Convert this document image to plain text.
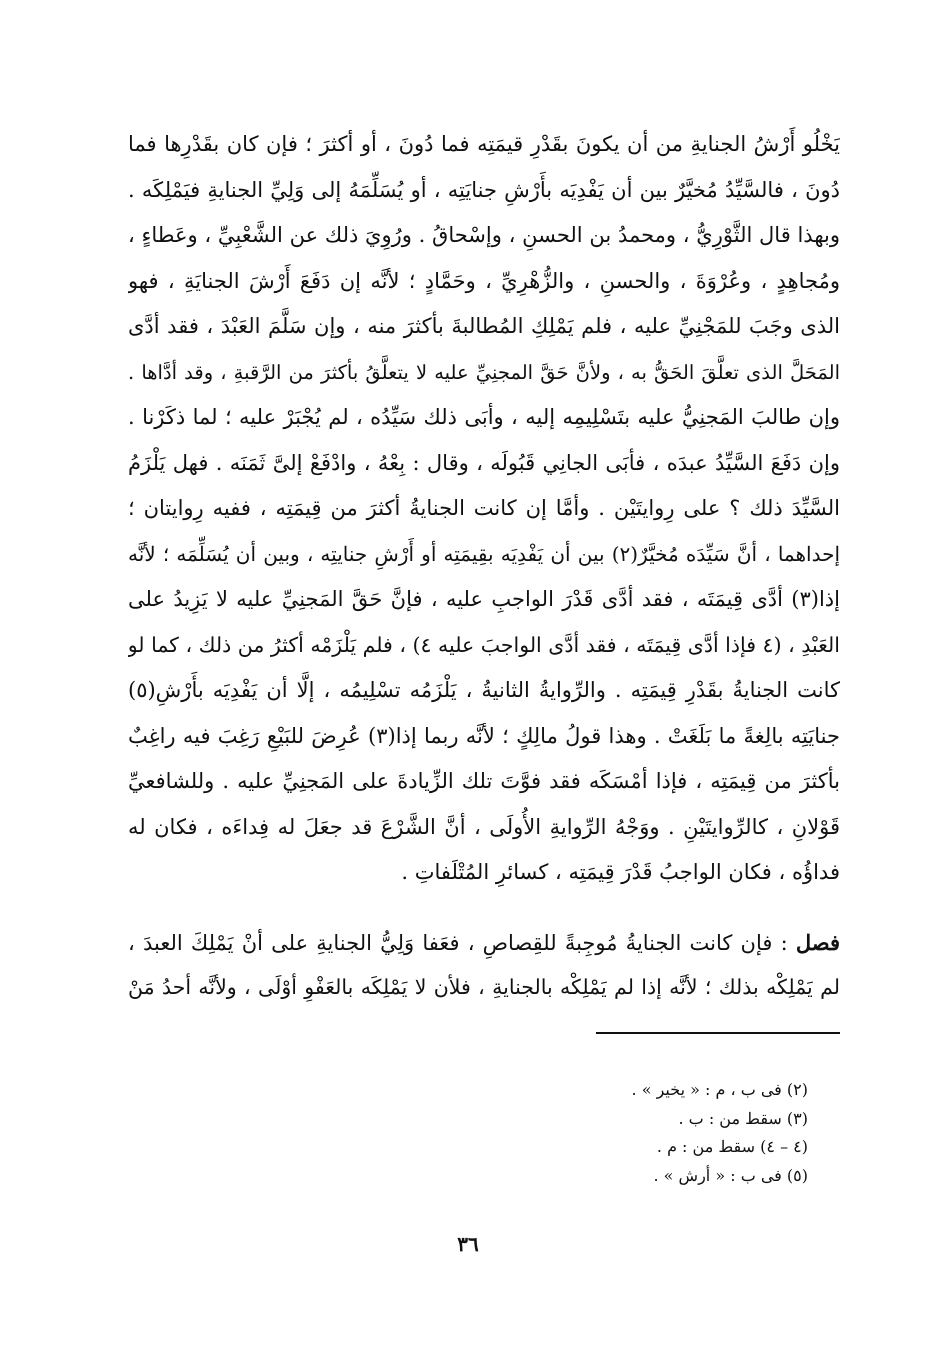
يَخْلُو أَرْشُ الجنايةِ من أن يكونَ بقَدْرِ قيمَتِه فما دُونَ ، أو أكثرَ ؛ فإن كان بقَدْرِها فما
دُونَ ، فالسَّيِّدُ مُخيَّرٌ بين أن يَفْدِيَه بأَرْشِ جنايَتِه ، أو يُسَلِّمَهُ إلى وَلِيِّ الجنايةِ فيَمْلِكَه .
وبهذا قال الثَّوْرِيُّ ، ومحمدُ بن الحسنِ ، وإسْحاقُ . ورُوِيَ ذلك عن الشَّعْبِيِّ ، وعَطاءٍ ،
ومُجاهِدٍ ، وعُرْوَةَ ، والحسنِ ، والزُّهْرِيِّ ، وحَمَّادٍ ؛ لأنَّه إن دَفَعَ أَرْشَ الجنايَةِ ، فهو
الذى وجَبَ للمَجْنِيِّ عليه ، فلم يَمْلِكِ المُطالبةَ بأكثرَ منه ، وإن سَلَّمَ العَبْدَ ، فقد أدَّى
المَحَلَّ الذى تعلَّقَ الحَقُّ به ، ولأنَّ حَقَّ المجنِيِّ عليه لا يتعلَّقُ بأكثرَ من الرَّقبةِ ، وقد أدَّاها .
وإن طالبَ المَجنِيُّ عليه بتَسْلِيمِه إليه ، وأبَى ذلك سَيِّدُه ، لم يُجْبَرْ عليه ؛ لما ذكَرْنا .
وإن دَفَعَ السَّيِّدُ عبدَه ، فأبَى الجانِي قَبُولَه ، وقال : بِعْهُ ، وادْفَعْ إلىَّ ثَمَنَه . فهل يَلْزَمُ
السَّيِّدَ ذلك ؟ على رِوايتَيْن . وأمَّا إن كانت الجنايةُ أكثرَ من قِيمَتِه ، ففيه رِوايتان ؛
إحداهما ، أنَّ سَيِّدَه مُخيَّرٌ(٢) بين أن يَفْدِيَه بقِيمَتِه أو أَرْشِ جنايتِه ، وبين أن يُسَلِّمَه ؛ لأنَّه
إذا(٣) أدَّى قِيمَتَه ، فقد أدَّى قَدْرَ الواجبِ عليه ، فإنَّ حَقَّ المَجنِيِّ عليه لا يَزِيدُ على
العَبْدِ ، (٤ فإذا أدَّى قِيمَتَه ، فقد أدَّى الواجبَ عليه ٤) ، فلم يَلْزَمْه أكثرُ من ذلك ، كما لو
كانت الجنايةُ بقَدْرِ قِيمَتِه . والرِّوايةُ الثانيةُ ، يَلْزَمُه تسْلِيمُه ، إلَّا أن يَفْدِيَه بأَرْشِ(٥)
جنايَتِه بالِغةً ما بَلَغَتْ . وهذا قولُ مالِكٍ ؛ لأنَّه ربما إذا(٣) عُرِضَ للبَيْعِ رَغِبَ فيه راغِبٌ
بأكثرَ من قِيمَتِه ، فإذا أمْسَكَه فقد فوَّتَ تلك الزِّيادةَ على المَجنِيِّ عليه . وللشافعيِّ
قَوْلانِ ، كالرِّوايتَيْنِ . ووَجْهُ الرِّوايةِ الأُولَى ، أنَّ الشَّرْعَ قد جعَلَ له فِداءَه ، فكان له
فداؤُه ، فكان الواجبُ قَدْرَ قِيمَتِه ، كسائرِ المُتْلَفاتِ .
فصل : فإن كانت الجنايةُ مُوجِبةً للقِصاصِ ، فعَفا وَلِيُّ الجنايةِ على أنْ يَمْلِكَ العبدَ ،
لم يَمْلِكْه بذلك ؛ لأنَّه إذا لم يَمْلِكْه بالجنايةِ ، فلأن لا يَمْلِكَه بالعَفْوِ أوْلَى ، ولأنَّه أحدُ مَنْ
(٢) فى ب ، م : « يخير » .
(٣) سقط من : ب .
(٤ – ٤) سقط من : م .
(٥) فى ب : « أرش » .
٣٦
